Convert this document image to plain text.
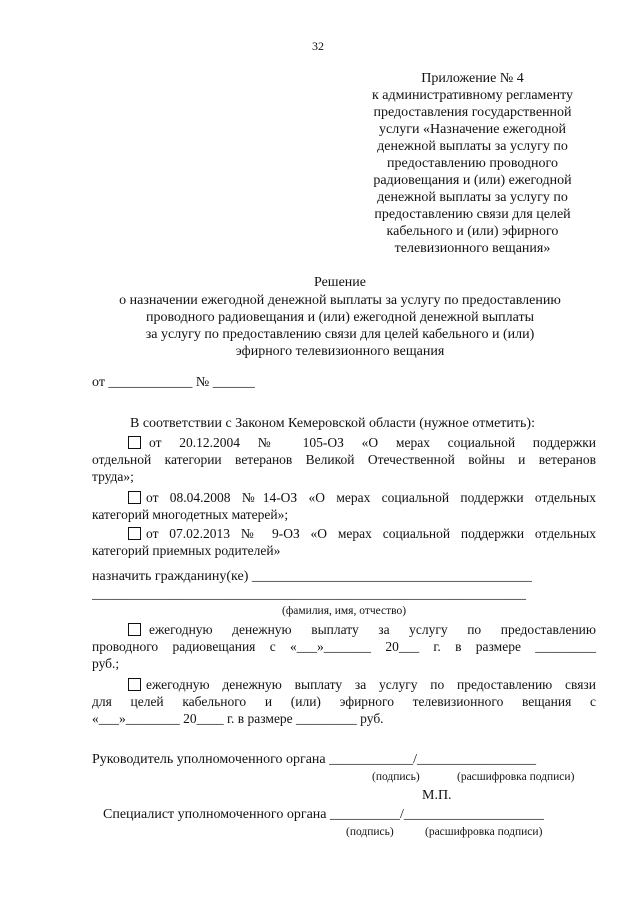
32
Приложение № 4
к административному регламенту
предоставления государственной
услуги «Назначение ежегодной
денежной выплаты за услугу по
предоставлению проводного
радиовещания и (или) ежегодной
денежной выплаты за услугу по
предоставлению связи для целей
кабельного и (или) эфирного
телевизионного вещания»
Решение
о назначении ежегодной денежной выплаты за услугу по предоставлению
проводного радиовещания и (или) ежегодной денежной выплаты
за услугу по предоставлению связи для целей кабельного и (или)
эфирного телевизионного вещания
от ____________ № ______
В соответствии с Законом Кемеровской области (нужное отметить):
от 20.12.2004 № 105-ОЗ «О мерах социальной поддержки
отдельной категории ветеранов Великой Отечественной войны и ветеранов
труда»;
от 08.04.2008 №14-ОЗ «О мерах социальной поддержки отдельных
категорий многодетных матерей»;
от 07.02.2013 № 9-ОЗ «О мерах социальной поддержки отдельных
категорий приемных родителей»
назначить гражданину(ке) ________________________________________
______________________________________________________________
(фамилия, имя, отчество)
ежегодную денежную выплату за услугу по предоставлению
проводного радиовещания с «___»_______ 20___ г. в размере _________
руб.;
ежегодную денежную выплату за услугу по предоставлению связи
для целей кабельного и (или) эфирного телевизионного вещания с
«___»________ 20____ г. в размере _________ руб.
Руководитель уполномоченного органа ____________/_________________
(подпись)	(расшифровка подписи)
М.П.
Специалист уполномоченного органа __________/____________________
(подпись)	(расшифровка подписи)
